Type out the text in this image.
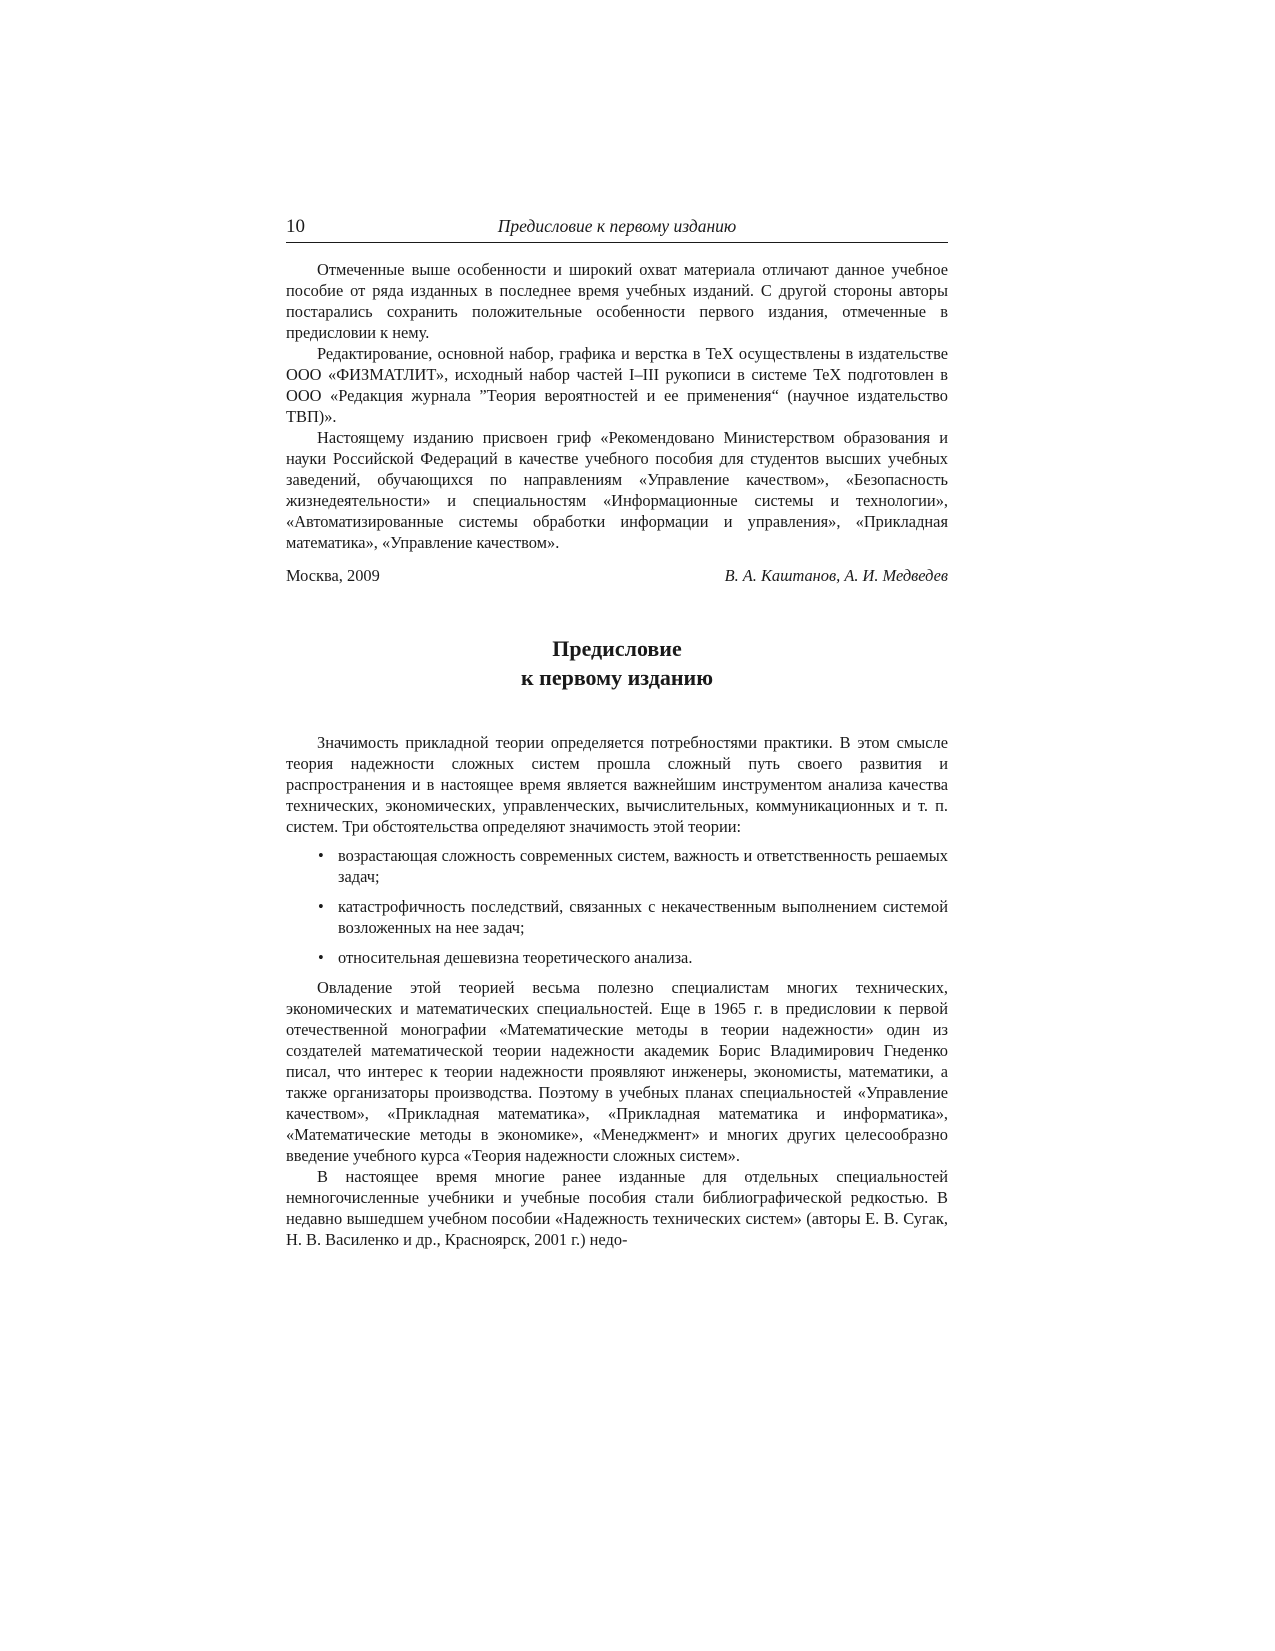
10	Предисловие к первому изданию

Отмеченные выше особенности и широкий охват материала отличают данное учебное пособие от ряда изданных в последнее время учебных изданий. С другой стороны авторы постарались сохранить положительные особенности первого издания, отмеченные в предисловии к нему.

Редактирование, основной набор, графика и верстка в TeX осуществлены в издательстве ООО «ФИЗМАТЛИТ», исходный набор частей I–III рукописи в системе TeX подготовлен в ООО «Редакция журнала ”Теория вероятностей и ее применения“ (научное издательство ТВП)».

Настоящему изданию присвоен гриф «Рекомендовано Министерством образования и науки Российской Федераций в качестве учебного пособия для студентов высших учебных заведений, обучающихся по направлениям «Управление качеством», «Безопасность жизнедеятельности» и специальностям «Информационные системы и технологии», «Автоматизированные системы обработки информации и управления», «Прикладная математика», «Управление качеством».

Москва, 2009	В. А. Каштанов, А. И. Медведев
Предисловие
к первому изданию

Значимость прикладной теории определяется потребностями практики. В этом смысле теория надежности сложных систем прошла сложный путь своего развития и распространения и в настоящее время является важнейшим инструментом анализа качества технических, экономических, управленческих, вычислительных, коммуникационных и т. п. систем. Три обстоятельства определяют значимость этой теории:

• возрастающая сложность современных систем, важность и ответственность решаемых задач;
• катастрофичность последствий, связанных с некачественным выполнением системой возложенных на нее задач;
• относительная дешевизна теоретического анализа.

Овладение этой теорией весьма полезно специалистам многих технических, экономических и математических специальностей. Еще в 1965 г. в предисловии к первой отечественной монографии «Математические методы в теории надежности» один из создателей математической теории надежности академик Борис Владимирович Гнеденко писал, что интерес к теории надежности проявляют инженеры, экономисты, математики, а также организаторы производства. Поэтому в учебных планах специальностей «Управление качеством», «Прикладная математика», «Прикладная математика и информатика», «Математические методы в экономике», «Менеджмент» и многих других целесообразно введение учебного курса «Теория надежности сложных систем».

В настоящее время многие ранее изданные для отдельных специальностей немногочисленные учебники и учебные пособия стали библиографической редкостью. В недавно вышедшем учебном пособии «Надежность технических систем» (авторы Е. В. Сугак, Н. В. Василенко и др., Красноярск, 2001 г.) недо-
